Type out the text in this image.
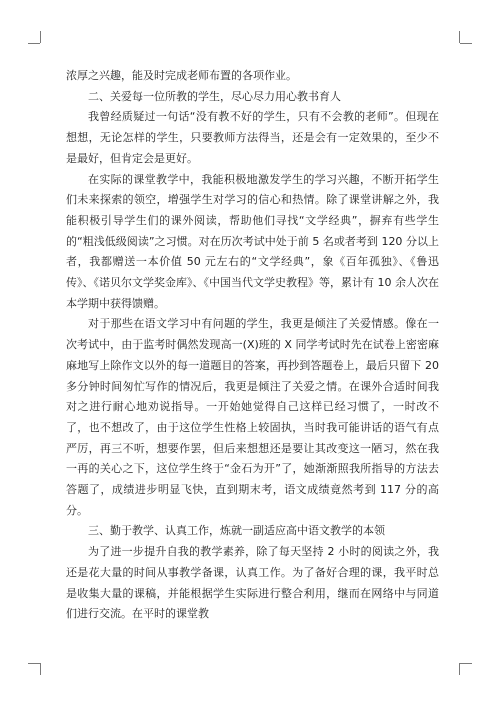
浓厚之兴趣，能及时完成老师布置的各项作业。

二、关爱每一位所教的学生，尽心尽力用心教书育人

我曾经质疑过一句话“没有教不好的学生，只有不会教的老师”。但现在想想，无论怎样的学生，只要教师方法得当，还是会有一定效果的，至少不是最好，但肯定会是更好。

在实际的课堂教学中，我能积极地激发学生的学习兴趣，不断开拓学生们未来探索的领空，增强学生对学习的信心和热情。除了课堂讲解之外，我能积极引导学生们的课外阅读，帮助他们寻找“文学经典”，摒弃有些学生的“粗浅低级阅读”之习惯。对在历次考试中处于前 5 名或者考到 120 分以上者，我都赠送一本价值 50 元左右的“文学经典”，象《百年孤独》、《鲁迅传》、《诺贝尔文学奖金库》、《中国当代文学史教程》等，累计有 10 余人次在本学期中获得馈赠。

对于那些在语文学习中有问题的学生，我更是倾注了关爱情感。像在一次考试中，由于监考时偶然发现高一(X)班的 X 同学考试时先在试卷上密密麻麻地写上除作文以外的每一道题目的答案，再抄到答题卷上，最后只留下 20 多分钟时间匆忙写作的情况后，我更是倾注了关爱之情。在课外合适时间我对之进行耐心地劝说指导。一开始她觉得自己这样已经习惯了，一时改不了，也不想改了，由于这位学生性格上较固执，当时我可能讲话的语气有点严厉，再三不听，想要作罢，但后来想想还是要让其改变这一陋习，然在我一再的关心之下，这位学生终于“金石为开”了，她渐渐照我所指导的方法去答题了，成绩进步明显飞快，直到期末考，语文成绩竟然考到 117 分的高分。

三、勤于教学、认真工作，炼就一副适应高中语文教学的本领

为了进一步提升自我的教学素养，除了每天坚持 2 小时的阅读之外，我还是花大量的时间从事教学备课，认真工作。为了备好合理的课，我平时总是收集大量的课稿，并能根据学生实际进行整合利用，继而在网络中与同道们进行交流。在平时的课堂教
